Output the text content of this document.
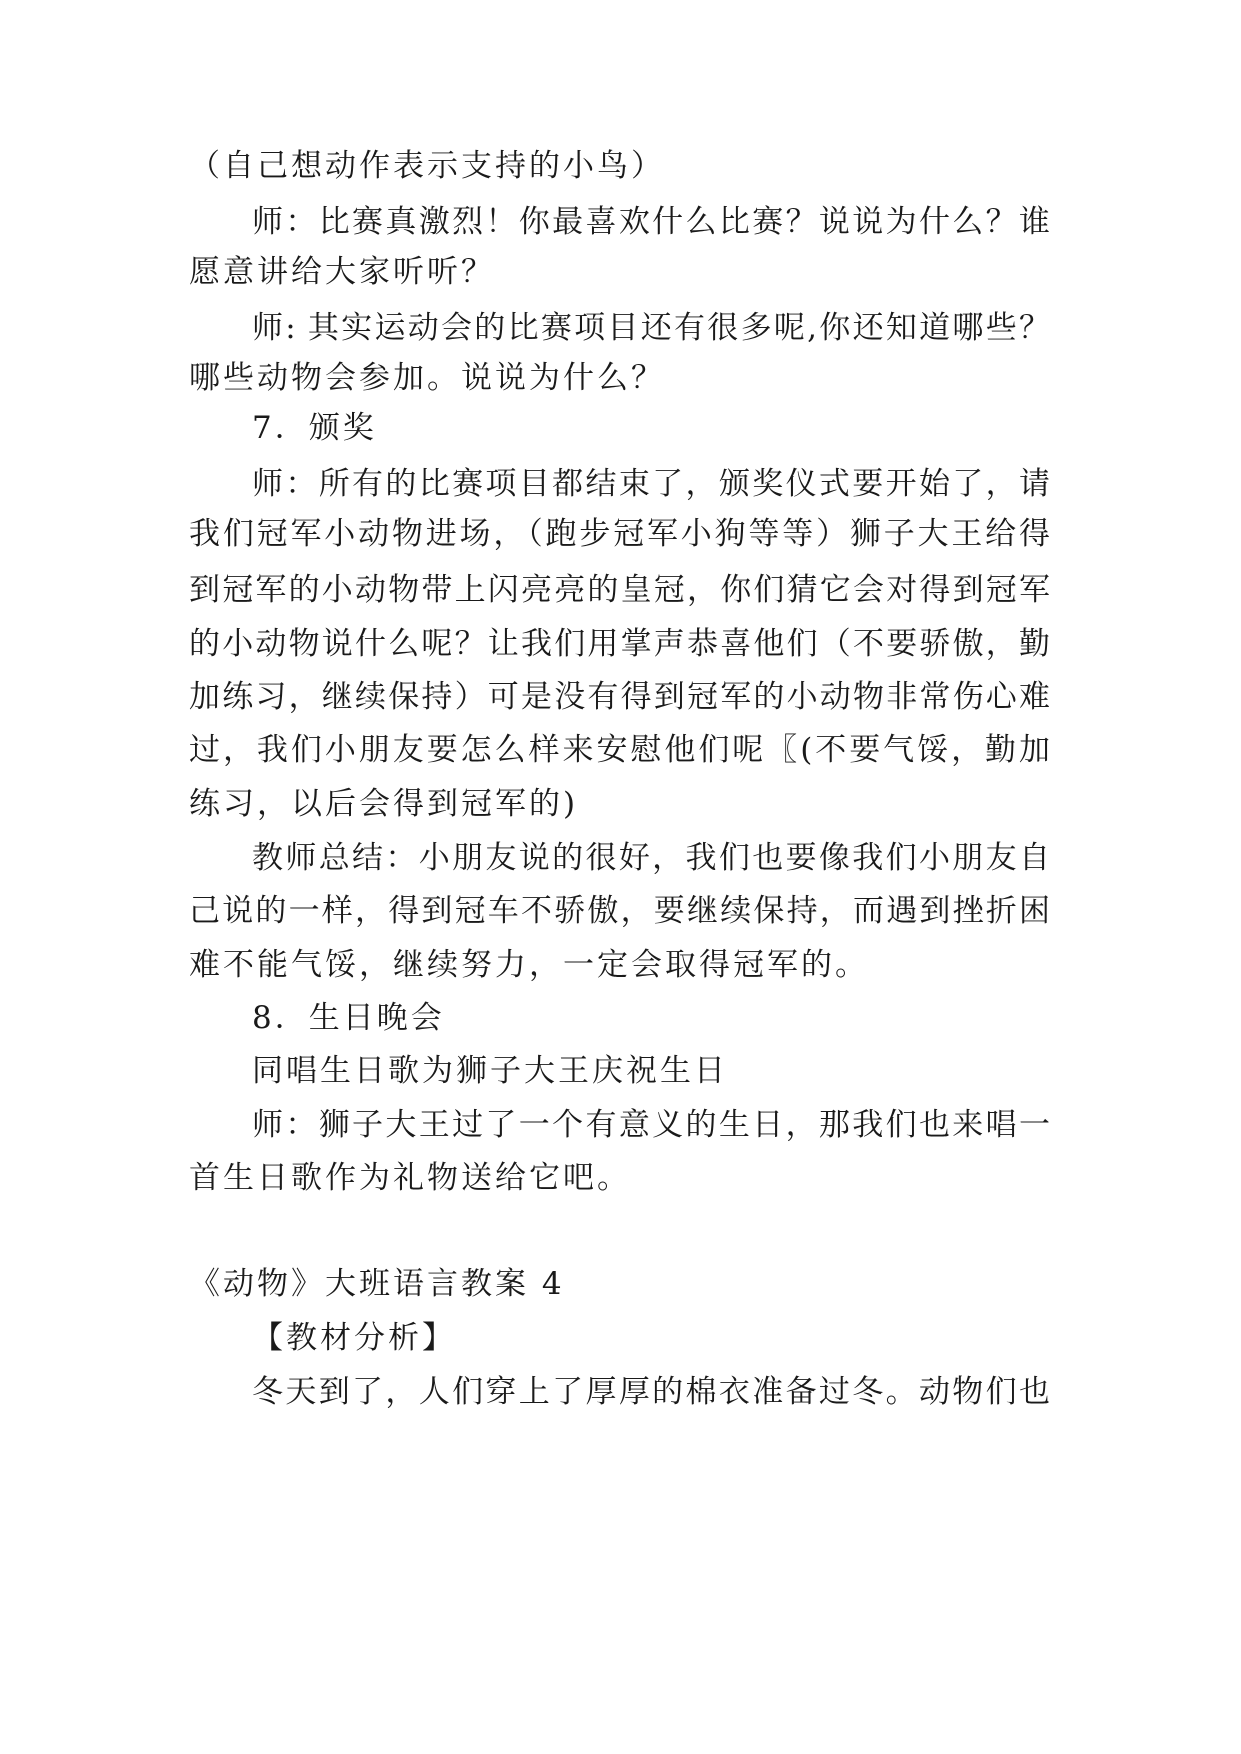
（自己想动作表示支持的小鸟）
师：比赛真激烈！你最喜欢什么比赛？说说为什么？谁
愿意讲给大家听听？
师: 其实运动会的比赛项目还有很多呢,你还知道哪些？
哪些动物会参加。说说为什么？
7．颁奖
师：所有的比赛项目都结束了，颁奖仪式要开始了，请
我们冠军小动物进场，（跑步冠军小狗等等）狮子大王给得
到冠军的小动物带上闪亮亮的皇冠，你们猜它会对得到冠军
的小动物说什么呢？让我们用掌声恭喜他们（不要骄傲，勤
加练习，继续保持）可是没有得到冠军的小动物非常伤心难
过，我们小朋友要怎么样来安慰他们呢〖(不要气馁，勤加
练习，以后会得到冠军的)
教师总结：小朋友说的很好，我们也要像我们小朋友自
己说的一样，得到冠车不骄傲，要继续保持，而遇到挫折困
难不能气馁，继续努力，一定会取得冠军的。
8．生日晚会
同唱生日歌为狮子大王庆祝生日
师：狮子大王过了一个有意义的生日，那我们也来唱一
首生日歌作为礼物送给它吧。
《动物》大班语言教案 4
【教材分析】
冬天到了，人们穿上了厚厚的棉衣准备过冬。动物们也
